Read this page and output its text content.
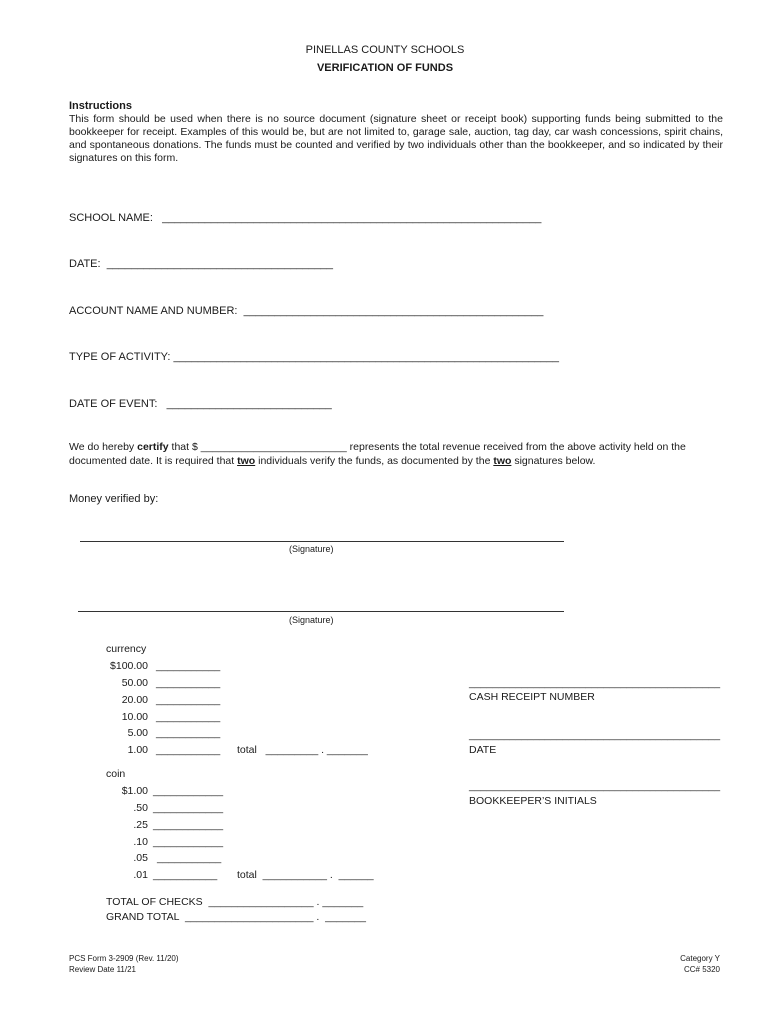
PINELLAS COUNTY SCHOOLS
VERIFICATION OF FUNDS
Instructions
This form should be used when there is no source document (signature sheet or receipt book) supporting funds being submitted to the bookkeeper for receipt. Examples of this would be, but are not limited to, garage sale, auction, tag day, car wash concessions, spirit chains, and spontaneous donations. The funds must be counted and verified by two individuals other than the bookkeeper, and so indicated by their signatures on this form.
SCHOOL NAME:   ______________________________________________________________
DATE:  _____________________________________
ACCOUNT NAME AND NUMBER:  _________________________________________________
TYPE OF ACTIVITY: _______________________________________________________________
DATE OF EVENT:   ___________________________
We do hereby certify that $ _________________________ represents the total revenue received from the above activity held on the documented date. It is required that two individuals verify the funds, as documented by the two signatures below.
Money verified by:
(Signature)
(Signature)
currency
$100.00 ___________
50.00 ___________
20.00 ___________
10.00 ___________
5.00 ___________
1.00 ___________ total   _________ . _______
coin
$1.00 ____________
.50 ____________
.25 ____________
.10 ____________
.05 ___________
.01 ___________ total  ___________ .  ______
TOTAL OF CHECKS  __________________ . _______
GRAND TOTAL  ______________________ .  _______
___________________________________________
CASH RECEIPT NUMBER
___________________________________________
DATE
___________________________________________
BOOKKEEPER’S INITIALS
PCS Form 3-2909 (Rev. 11/20)
Review Date 11/21
Category Y
CC# 5320
